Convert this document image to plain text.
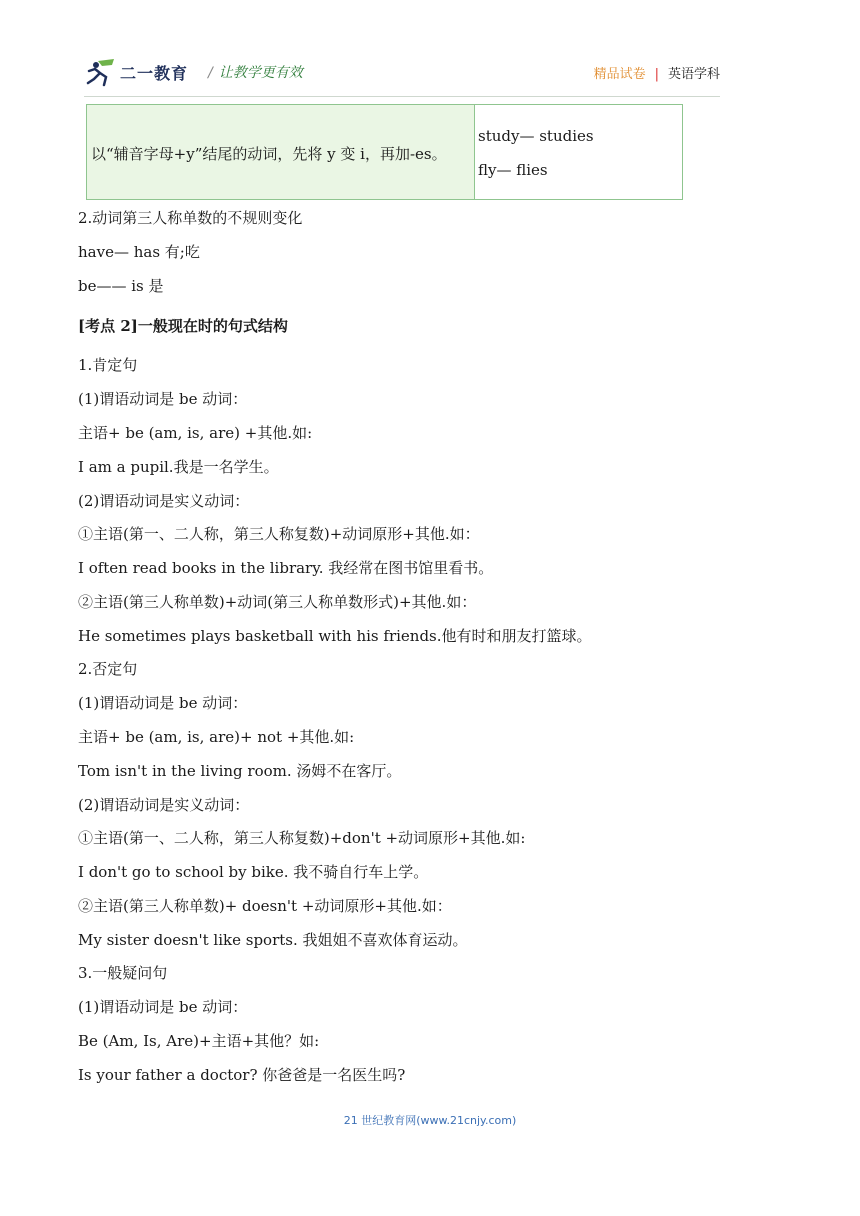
二一教育 / 让教学更有效	精品试卷 | 英语学科
以“辅音字母+y”结尾的动词，先将 y 变 i，再加-es。
study— studies
fly— flies
2.动词第三人称单数的不规则变化
have— has 有;吃
be—— is 是
[考点 2]一般现在时的句式结构
1.肯定句
(1)谓语动词是 be 动词：
主语+ be (am, is, are) +其他.如:
I am a pupil.我是一名学生。
(2)谓语动词是实义动词：
①主语(第一、二人称，第三人称复数)+动词原形+其他.如：
I often read books in the library. 我经常在图书馆里看书。
②主语(第三人称单数)+动词(第三人称单数形式)+其他.如：
He sometimes plays basketball with his friends.他有时和朋友打篮球。
2.否定句
(1)谓语动词是 be 动词：
主语+ be (am, is, are)+ not +其他.如:
Tom isn't in the living room. 汤姆不在客厅。
(2)谓语动词是实义动词：
①主语(第一、二人称，第三人称复数)+don't +动词原形+其他.如:
I don't go to school by bike. 我不骑自行车上学。
②主语(第三人称单数)+ doesn't +动词原形+其他.如：
My sister doesn't like sports. 我姐姐不喜欢体育运动。
3.一般疑问句
(1)谓语动词是 be 动词：
Be (Am, Is, Are)+主语+其他？如:
Is your father a doctor? 你爸爸是一名医生吗?
21 世纪教育网(www.21cnjy.com)
